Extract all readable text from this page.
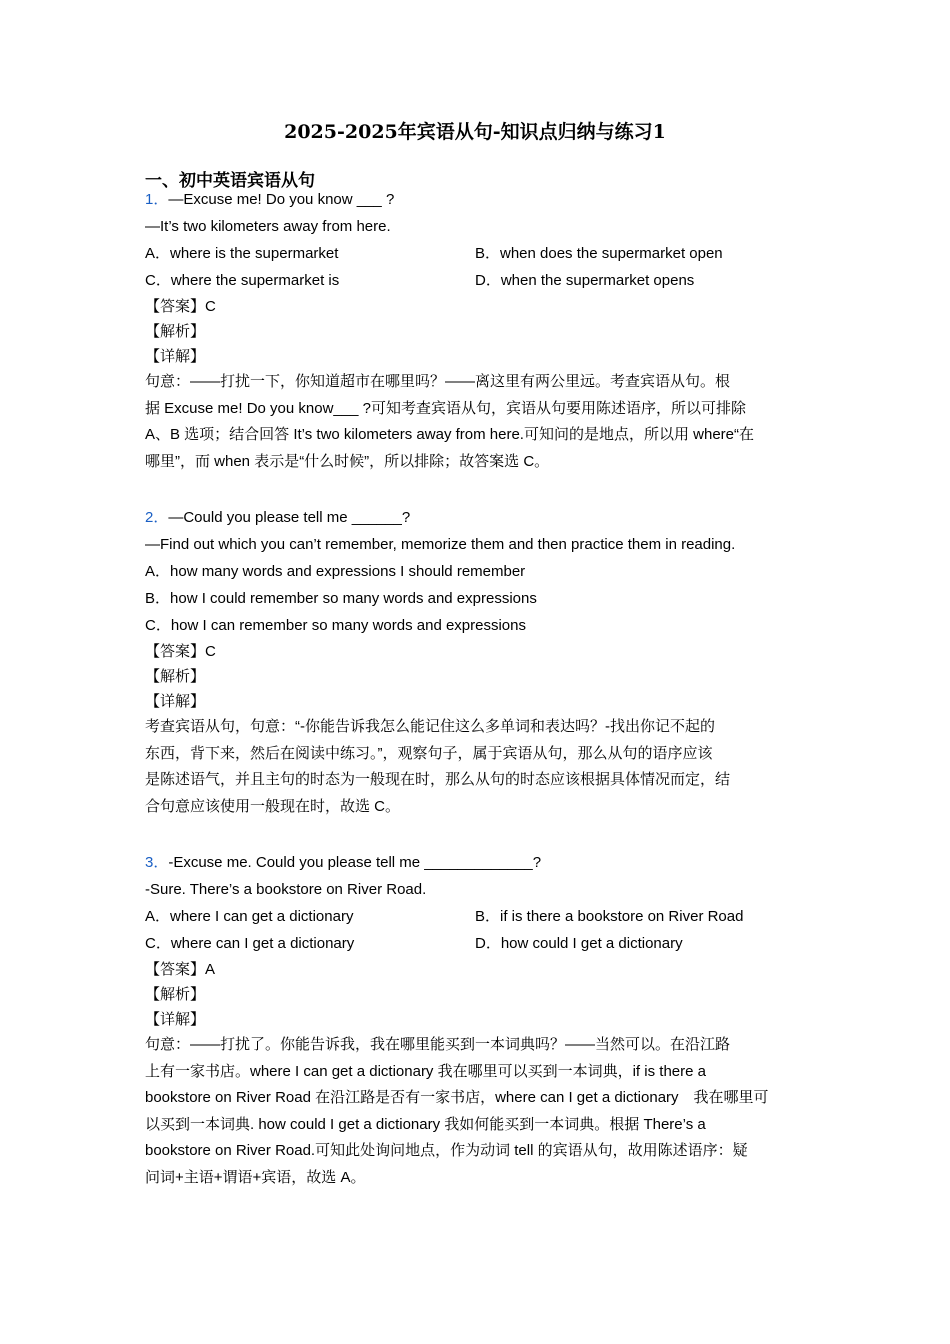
2025-2025年宾语从句-知识点归纳与练习1
一、初中英语宾语从句
1．—Excuse me! Do you know ___ ?
—It’s two kilometers away from here.
A．where is the supermarket	B．when does the supermarket open
C．where the supermarket is	D．when the supermarket opens
【答案】C
【解析】
【详解】
句意：——打扰一下，你知道超市在哪里吗？——离这里有两公里远。考查宾语从句。根
据 Excuse me! Do you know___ ?可知考查宾语从句，宾语从句要用陈述语序，所以可排除
A、B 选项；结合回答 It’s two kilometers away from here.可知问的是地点，所以用 where“在
哪里”，而 when 表示是“什么时候”，所以排除；故答案选 C。
2．—Could you please tell me ______?
—Find out which you can’t remember, memorize them and then practice them in reading.
A．how many words and expressions I should remember
B．how I could remember so many words and expressions
C．how I can remember so many words and expressions
【答案】C
【解析】
【详解】
考查宾语从句，句意：“-你能告诉我怎么能记住这么多单词和表达吗？-找出你记不起的
东西，背下来，然后在阅读中练习。”，观察句子，属于宾语从句，那么从句的语序应该
是陈述语气，并且主句的时态为一般现在时，那么从句的时态应该根据具体情况而定，结
合句意应该使用一般现在时，故选 C。
3．-Excuse me. Could you please tell me _____________?
-Sure. There’s a bookstore on River Road.
A．where I can get a dictionary	B．if is there a bookstore on River Road
C．where can I get a dictionary	D．how could I get a dictionary
【答案】A
【解析】
【详解】
句意：——打扰了。你能告诉我，我在哪里能买到一本词典吗？——当然可以。在沿江路
上有一家书店。where I can get a dictionary 我在哪里可以买到一本词典，if is there a
bookstore on River Road 在沿江路是否有一家书店，where can I get a dictionary　我在哪里可
以买到一本词典. how could I get a dictionary 我如何能买到一本词典。根据 There’s a
bookstore on River Road.可知此处询问地点，作为动词 tell 的宾语从句，故用陈述语序：疑
问词+主语+谓语+宾语，故选 A。
